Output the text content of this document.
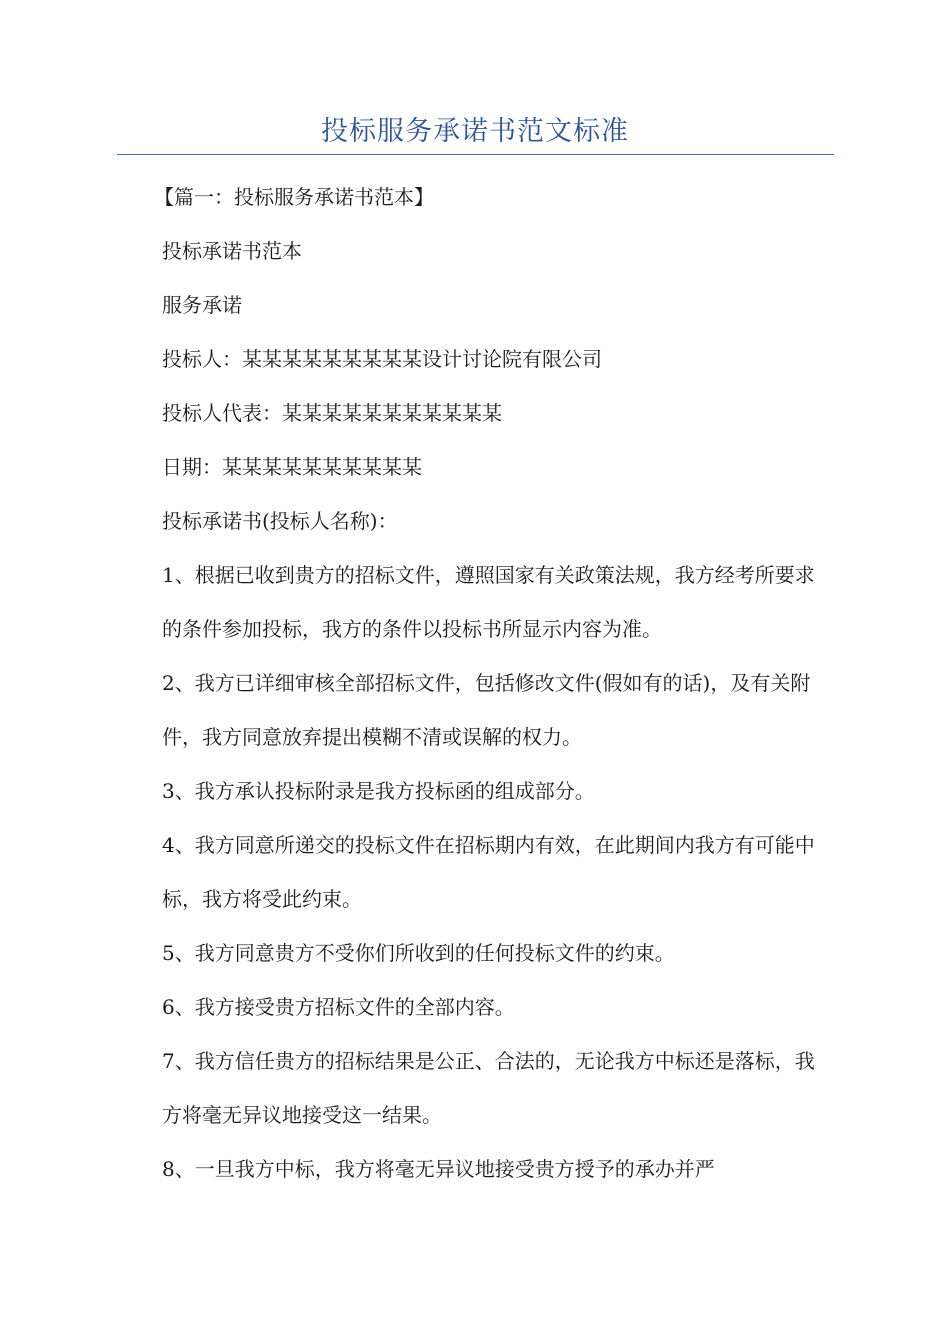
投标服务承诺书范文标准

【篇一：投标服务承诺书范本】

投标承诺书范本

服务承诺

投标人：某某某某某某某某某设计讨论院有限公司

投标人代表：某某某某某某某某某某某

日期：某某某某某某某某某某

投标承诺书(投标人名称)：

1、根据已收到贵方的招标文件，遵照国家有关政策法规，我方经考所要求的条件参加投标，我方的条件以投标书所显示内容为准。

2、我方已详细审核全部招标文件，包括修改文件(假如有的话)，及有关附件，我方同意放弃提出模糊不清或误解的权力。

3、我方承认投标附录是我方投标函的组成部分。

4、我方同意所递交的投标文件在招标期内有效，在此期间内我方有可能中标，我方将受此约束。

5、我方同意贵方不受你们所收到的任何投标文件的约束。

6、我方接受贵方招标文件的全部内容。

7、我方信任贵方的招标结果是公正、合法的，无论我方中标还是落标，我方将毫无异议地接受这一结果。

8、一旦我方中标，我方将毫无异议地接受贵方授予的承办并严
